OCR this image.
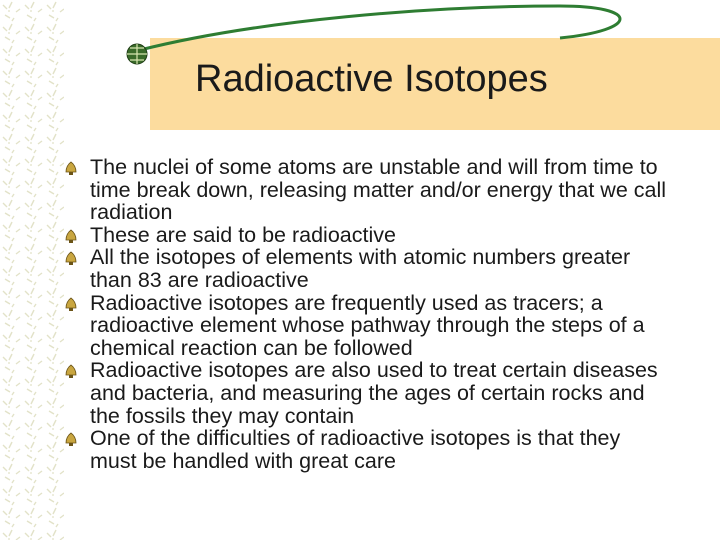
Radioactive Isotopes
The nuclei of some atoms are unstable and will from time to time break down, releasing matter and/or energy that we call radiation
These are said to be radioactive
All the isotopes of elements with atomic numbers greater than 83 are radioactive
Radioactive isotopes are frequently used as tracers; a radioactive element whose pathway through the steps of a chemical reaction can be followed
Radioactive isotopes are also used to treat certain diseases and bacteria, and measuring the ages of certain rocks and the fossils they may contain
One of the difficulties of radioactive isotopes is that they must be handled with great care
